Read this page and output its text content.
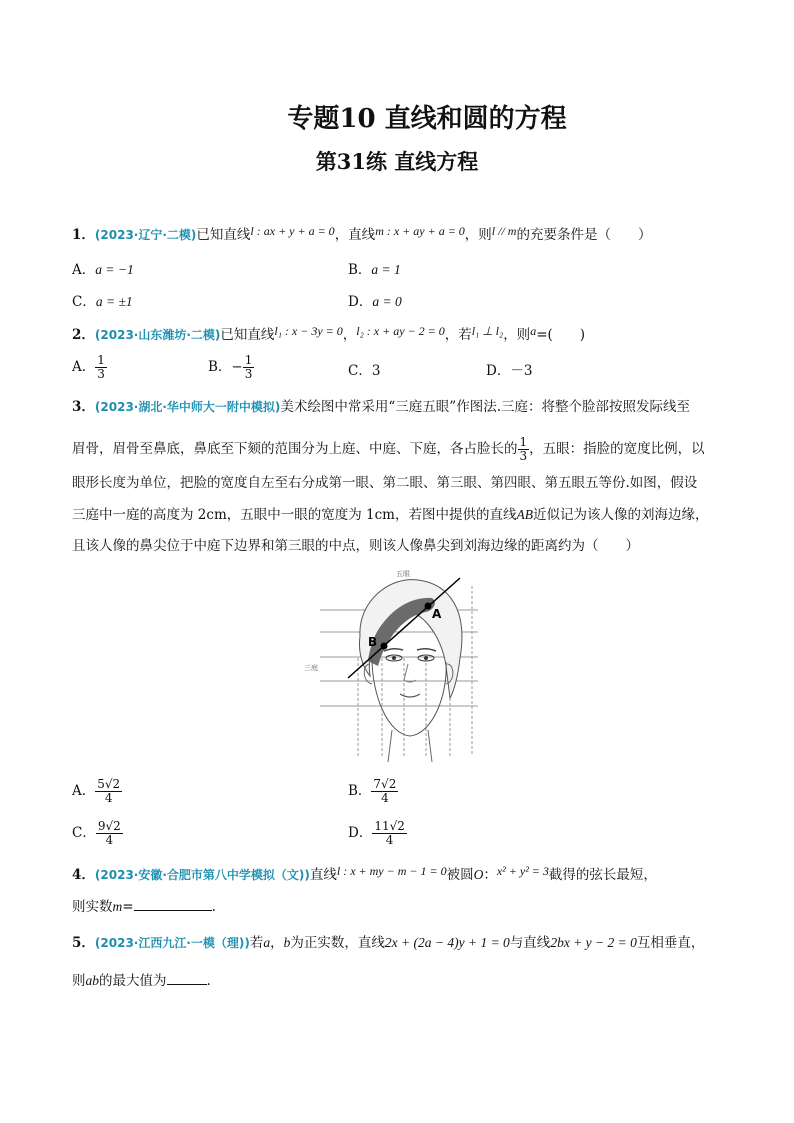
专题10 直线和圆的方程
第31练 直线方程
1．(2023·辽宁·二模)已知直线l : ax + y + a = 0，直线m : x + ay + a = 0，则l // m的充要条件是（　　）
A．a = −1	B．a = 1
C．a = ±1	D．a = 0
2．(2023·山东潍坊·二模)已知直线l₁ : x − 3y = 0，l₂ : x + ay − 2 = 0，若l₁ ⊥ l₂，则a=(　　)
A． $\frac{1}{3}$	B．− $\frac{1}{3}$	C．3	D．－3
3．(2023·湖北·华中师大一附中模拟)美术绘图中常采用“三庭五眼”作图法.三庭：将整个脸部按照发际线至
眉骨，眉骨至鼻底，鼻底至下颏的范围分为上庭、中庭、下庭，各占脸长的 $\frac{1}{3}$ ，五眼：指脸的宽度比例，以
眼形长度为单位，把脸的宽度自左至右分成第一眼、第二眼、第三眼、第四眼、第五眼五等份.如图，假设
三庭中一庭的高度为 2cm，五眼中一眼的宽度为 1cm，若图中提供的直线AB近似记为该人像的刘海边缘，
且该人像的鼻尖位于中庭下边界和第三眼的中点，则该人像鼻尖到刘海边缘的距离约为（　　）
A
B
五眼
三庭
A． $\frac{5√2}{4}$	B． $\frac{7√2}{4}$
C． $\frac{9√2}{4}$	D． $\frac{11√2}{4}$
4．(2023·安徽·合肥市第八中学模拟（文))直线l : x + my − m − 1 = 0被圆O：x² + y² = 3截得的弦长最短，
则实数m=	.
5．(2023·江西九江·一模（理))若a，b为正实数，直线2x + (2a − 4)y + 1 = 0与直线2bx + y − 2 = 0互相垂直，
则ab的最大值为	.
